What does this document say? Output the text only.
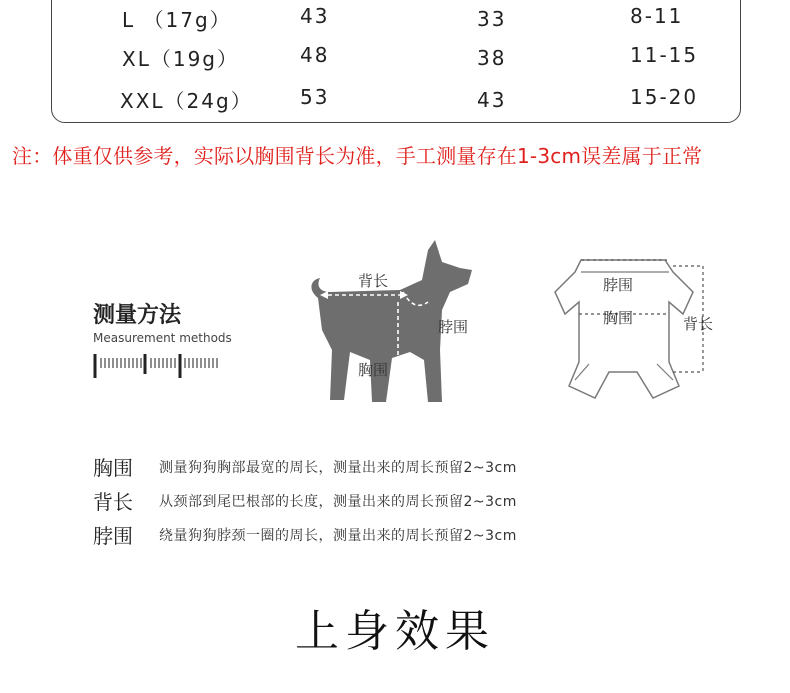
L （17g）	43	33	8-11
XL（19g）	48	38	11-15
XXL（24g） 53	43	15-20
注：体重仅供参考，实际以胸围背长为准，手工测量存在1-3cm误差属于正常
测量方法
Measurement methods
背长
脖围
胸围
脖围
胸围	背长
胸围 测量狗狗胸部最宽的周长，测量出来的周长预留2~3cm
背长 从颈部到尾巴根部的长度，测量出来的周长预留2~3cm
脖围 绕量狗狗脖颈一圈的周长，测量出来的周长预留2~3cm
上身效果
